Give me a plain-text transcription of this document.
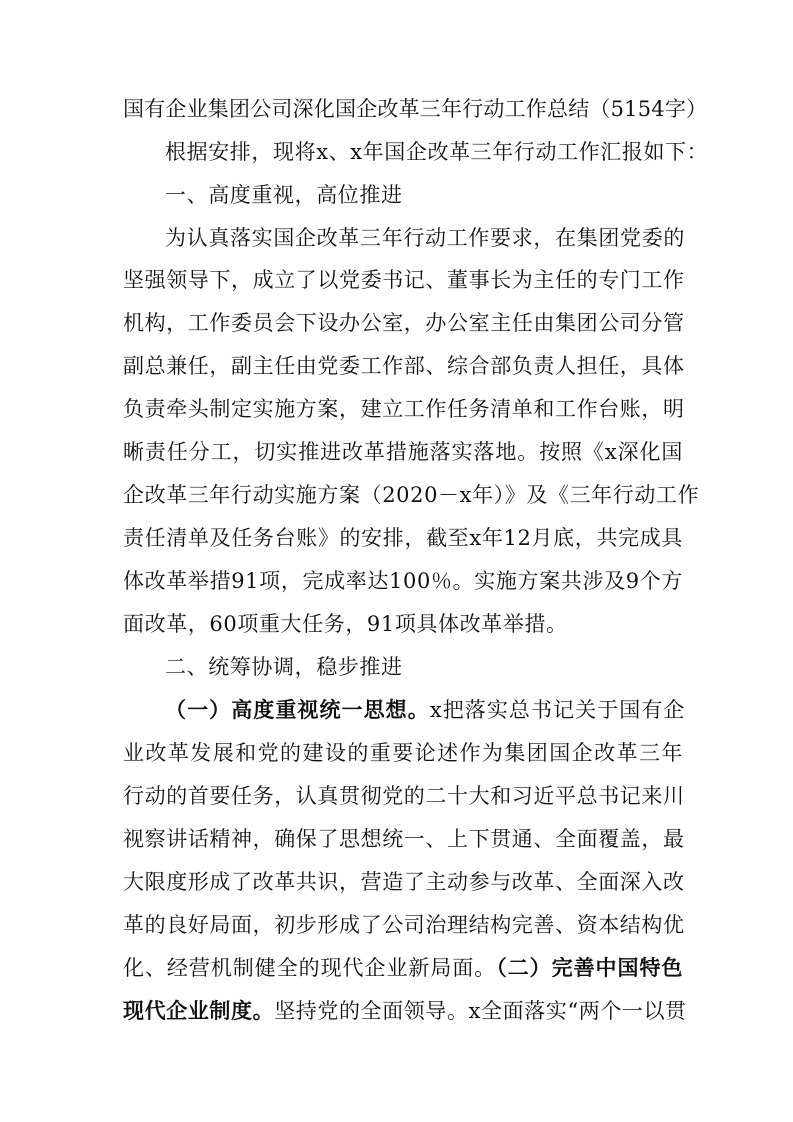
国有企业集团公司深化国企改革三年行动工作总结（5154字）
根据安排，现将x、x年国企改革三年行动工作汇报如下：
一、高度重视，高位推进
为认真落实国企改革三年行动工作要求，在集团党委的
坚强领导下，成立了以党委书记、董事长为主任的专门工作
机构，工作委员会下设办公室，办公室主任由集团公司分管
副总兼任，副主任由党委工作部、综合部负责人担任，具体
负责牵头制定实施方案，建立工作任务清单和工作台账，明
晰责任分工，切实推进改革措施落实落地。按照《x深化国
企改革三年行动实施方案（2020－x年）》及《三年行动工作
责任清单及任务台账》的安排，截至x年12月底，共完成具
体改革举措91项，完成率达100％。实施方案共涉及9个方
面改革，60项重大任务，91项具体改革举措。
二、统筹协调，稳步推进
（一）高度重视统一思想。x把落实总书记关于国有企
业改革发展和党的建设的重要论述作为集团国企改革三年
行动的首要任务，认真贯彻党的二十大和习近平总书记来川
视察讲话精神，确保了思想统一、上下贯通、全面覆盖，最
大限度形成了改革共识，营造了主动参与改革、全面深入改
革的良好局面，初步形成了公司治理结构完善、资本结构优
化、经营机制健全的现代企业新局面。（二）完善中国特色
现代企业制度。坚持党的全面领导。x全面落实“两个一以贯
